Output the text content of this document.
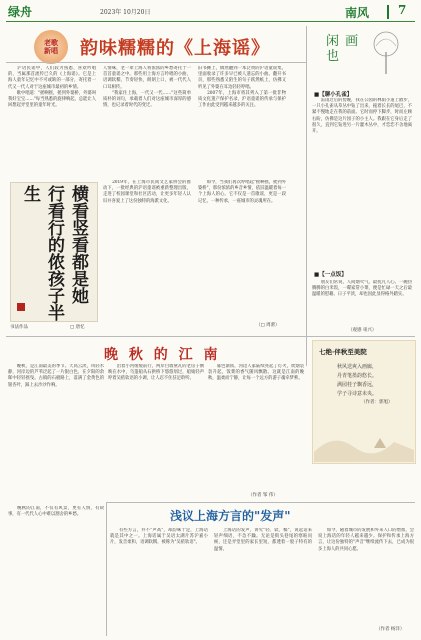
绿舟	2023年 10月20日	南风 7
老歌新唱 韵味糯糯的《上海谣》
　　沪语民谣中，人们较为熟悉、喜欢吟唱的，当属那首流传已久的《上海谣》。它是上海人童年记忆中不可或缺的一部分，寄托着一代又一代人对于这座城市最初的乡情。
　　歌中唱道："摇啊摇，摇到外婆桥，外婆叫我好宝宝……"每当熟悉的旋律响起，总能让人回想起弄堂里的童年时光。
人情味，老一辈上海人将浓浓的乡愁寄托于一首首童谣之中。那些用上海方言吟唱的小曲，语调软糯，节奏轻快，朗朗上口，被一代代人口耳相传。
　　"我家住上海，一代又一代……"这些简单质朴的词句，承载着人们对这座城市深厚的感情，也记录着时代的变迁。
旧书摊上，偶然翻到一本泛黄的沪语童谣集，里面收录了许多早已被人遗忘的小曲。翻开书页，那些熟悉又陌生的句子跃然纸上，仿佛又听见了外婆在耳边轻轻哼唱。
　　2007年，上海市将其列入了第一批非物质文化遗产保护名录，沪语童谣的传承与保护工作由此受到越来越多的关注。
　　如今，当我们再次哼唱起"摇啊摇，摇到外婆桥"，那份浓浓的乡音乡情，依旧温暖着每一个上海人的心。它不仅是一首歌谣，更是一段记忆，一种传承，一座城市的灵魂所在。
横看竖看都是她 行看行的侬孩子半生
书法作品	□ 唐忆
　　2019年，在上海市民间文艺家协会的推动下，一批经典的沪语童谣被重新整理出版，走进了校园课堂和社区活动，让更多年轻人认识并喜爱上了这份独特的海派文化。
（□ 周蕾）
闲 画
也
■【聊小孔雀】
　　雷雨过后的傍晚，我在公园的林荫小道上散步，一只小孔雀从草丛中钻了出来，拖着长长的尾巴，不紧不慢地走在我的前面。它时而停下脚步，时而左顾右盼，仿佛是这片园子的小主人。我跟在它身后走了很久，直到它钻进另一片灌木丛中，才恋恋不舍地离开。
■【一点饭】
　　朋友们常说，人间烟火气，最抚凡人心。一碗热腾腾的白米饭，一碟家常小菜，便是忙碌一天之后最温暖的慰藉。日子平淡，却也因此显得格外踏实。
（观感 束兴）
七绝·伴秋至美院
秋风送爽入画廊，
丹青笔墨韵悠长。
满园桂子飘香远，
学子寻诗意未央。
（作者：郭旭）
晚 秋 的 江 南
　　晚秋，是江南最美的季节。天高云淡，风轻水静，河岸边的芦苇泛起了一片银白色，在夕阳的余晖中轻轻摇曳。古镇的石板路上，落满了金黄色的银杏叶，踩上去沙沙作响。
　　沿着小河缓缓前行，两岸白墙黛瓦的老房子倒映在水中，乌篷船从石拱桥下悠悠划过，船娘轻声哼着吴侬软语的小调，让人忍不住驻足聆听。
　　暮色渐浓，河边人家陆续亮起了灯火，炊烟袅袅升起，饭菜的香气随风飘散。这就是江南的晚秋，温柔而宁静，让每一个远方的游子魂牵梦萦。
　　晚秋的江南，不仅有风景，更有人情，有故事，有一代代人心中难以割舍的乡愁。
（作者 邹 伟）
浅议上海方言的"发声"
　　有些方言，并不"声高"，却韵味十足，上海话就是其中之一。上海话属于吴语太湖片苏沪嘉小片，发音柔和，语调软糯，被称为"吴侬软语"。
　　上海话的发声，讲究"轻、软、糯"，说起话来轻声细语，不急不躁。无论是街头巷尾的寒暄问候，还是弄堂里的家长里短，都透着一股子特有的温情。
　　如今，随着城市的发展和外来人口的增加，会说上海话的年轻人越来越少。保护和传承上海方言，让这份独特的"声音"继续流传下去，已成为很多上海人的共同心愿。
（作者 杨洋）
